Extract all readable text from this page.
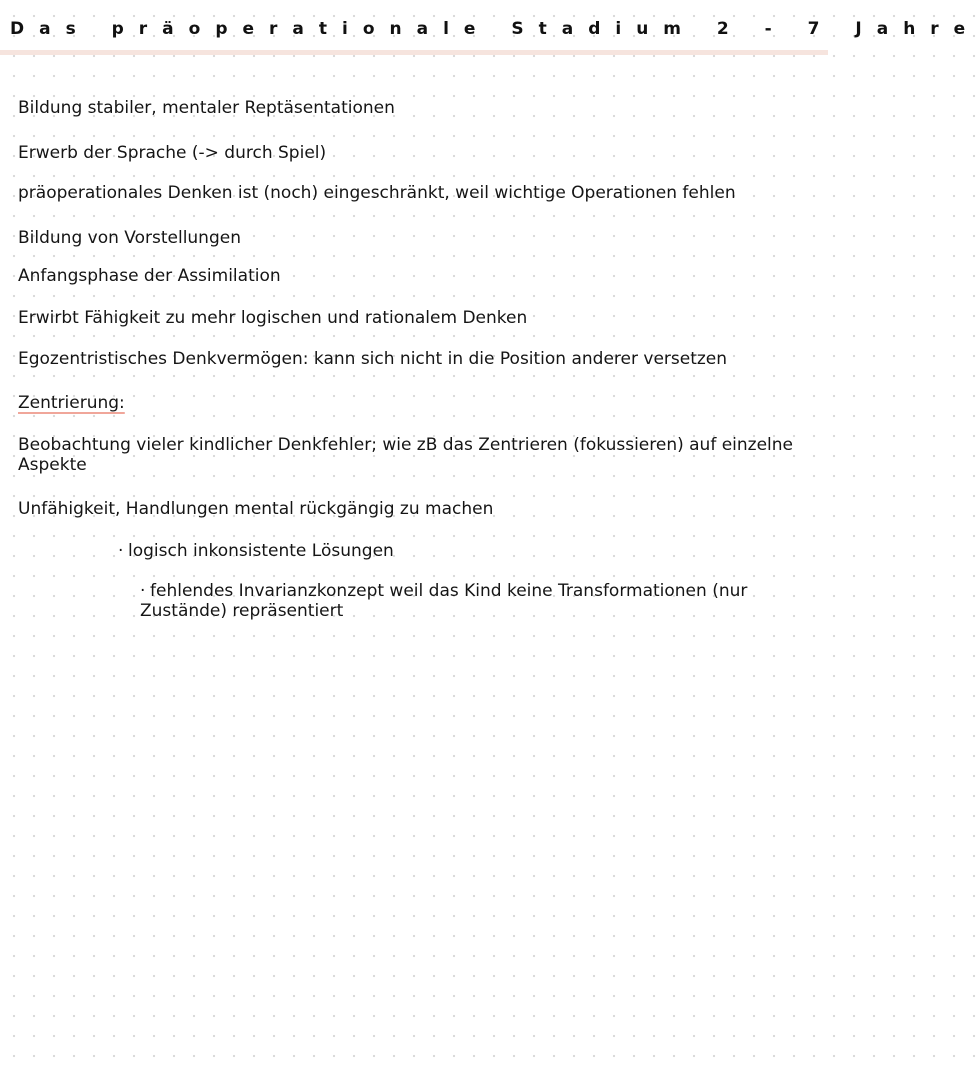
Das präoperationale Stadium 2 - 7 Jahre

Bildung stabiler, mentaler Reptäsentationen

Erwerb der Sprache (-> durch Spiel)

präoperationales Denken ist (noch) eingeschränkt, weil wichtige Operationen fehlen

Bildung von Vorstellungen

Anfangsphase der Assimilation

Erwirbt Fähigkeit zu mehr logischen und rationalem Denken

Egozentristisches Denkvermögen: kann sich nicht in die Position anderer versetzen

Zentrierung:

Beobachtung vieler kindlicher Denkfehler; wie zB das Zentrieren (fokussieren) auf einzelne Aspekte

Unfähigkeit, Handlungen mental rückgängig zu machen

· logisch inkonsistente Lösungen

· fehlendes Invarianzkonzept weil das Kind keine Transformationen (nur Zustände) repräsentiert
